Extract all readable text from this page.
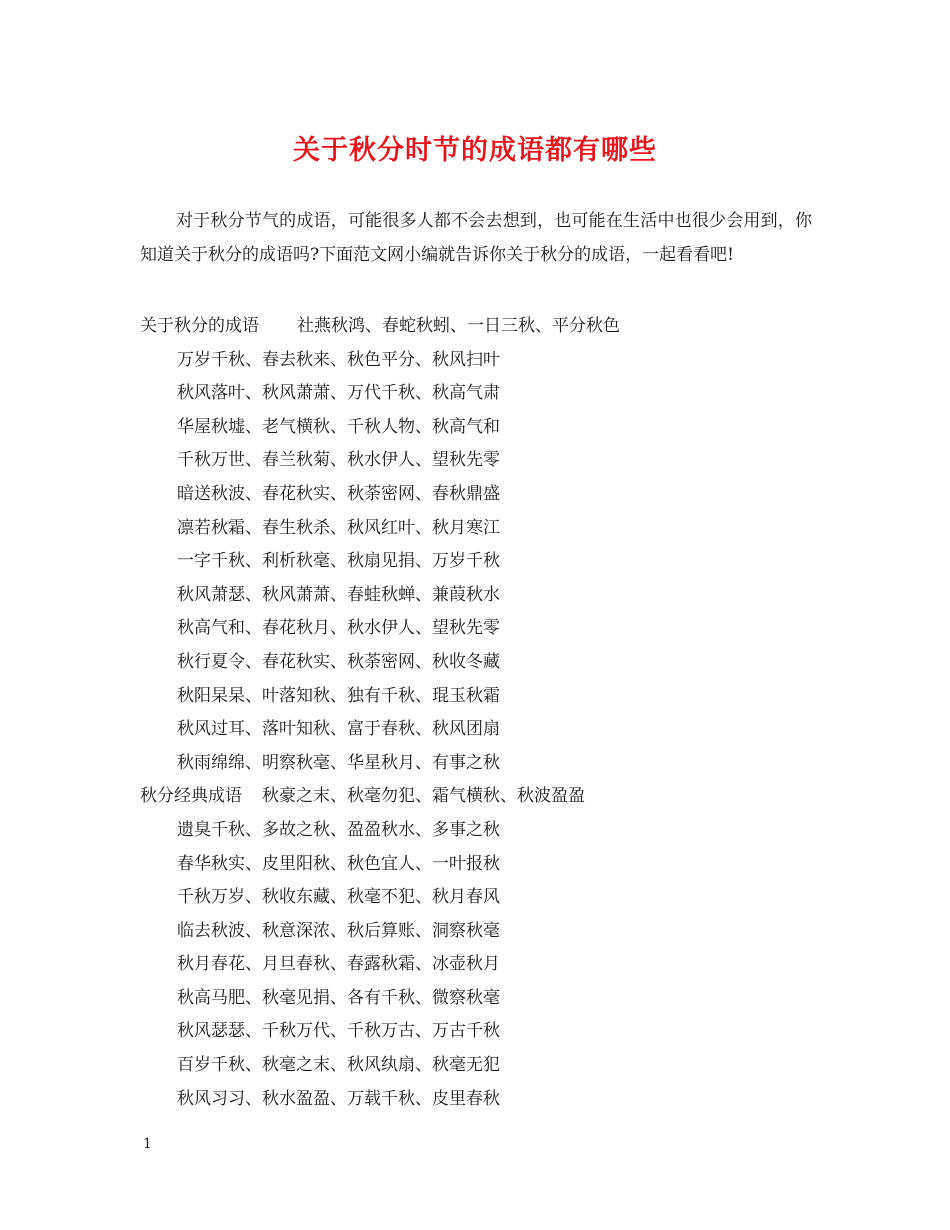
关于秋分时节的成语都有哪些
对于秋分节气的成语，可能很多人都不会去想到，也可能在生活中也很少会用到，你知道关于秋分的成语吗?下面范文网小编就告诉你关于秋分的成语，一起看看吧!
关于秋分的成语 社燕秋鸿、春蛇秋蚓、一日三秋、平分秋色
万岁千秋、春去秋来、秋色平分、秋风扫叶
秋风落叶、秋风萧萧、万代千秋、秋高气肃
华屋秋墟、老气横秋、千秋人物、秋高气和
千秋万世、春兰秋菊、秋水伊人、望秋先零
暗送秋波、春花秋实、秋荼密网、春秋鼎盛
凛若秋霜、春生秋杀、秋风红叶、秋月寒江
一字千秋、利析秋毫、秋扇见捐、万岁千秋
秋风萧瑟、秋风萧萧、春蛙秋蝉、兼葭秋水
秋高气和、春花秋月、秋水伊人、望秋先零
秋行夏令、春花秋实、秋荼密网、秋收冬藏
秋阳杲杲、叶落知秋、独有千秋、琨玉秋霜
秋风过耳、落叶知秋、富于春秋、秋风团扇
秋雨绵绵、明察秋毫、华星秋月、有事之秋
秋分经典成语 秋豪之末、秋毫勿犯、霜气横秋、秋波盈盈
遗臭千秋、多故之秋、盈盈秋水、多事之秋
春华秋实、皮里阳秋、秋色宜人、一叶报秋
千秋万岁、秋收东藏、秋毫不犯、秋月春风
临去秋波、秋意深浓、秋后算账、洞察秋毫
秋月春花、月旦春秋、春露秋霜、冰壶秋月
秋高马肥、秋毫见捐、各有千秋、微察秋毫
秋风瑟瑟、千秋万代、千秋万古、万古千秋
百岁千秋、秋毫之末、秋风纨扇、秋毫无犯
秋风习习、秋水盈盈、万载千秋、皮里春秋
1
